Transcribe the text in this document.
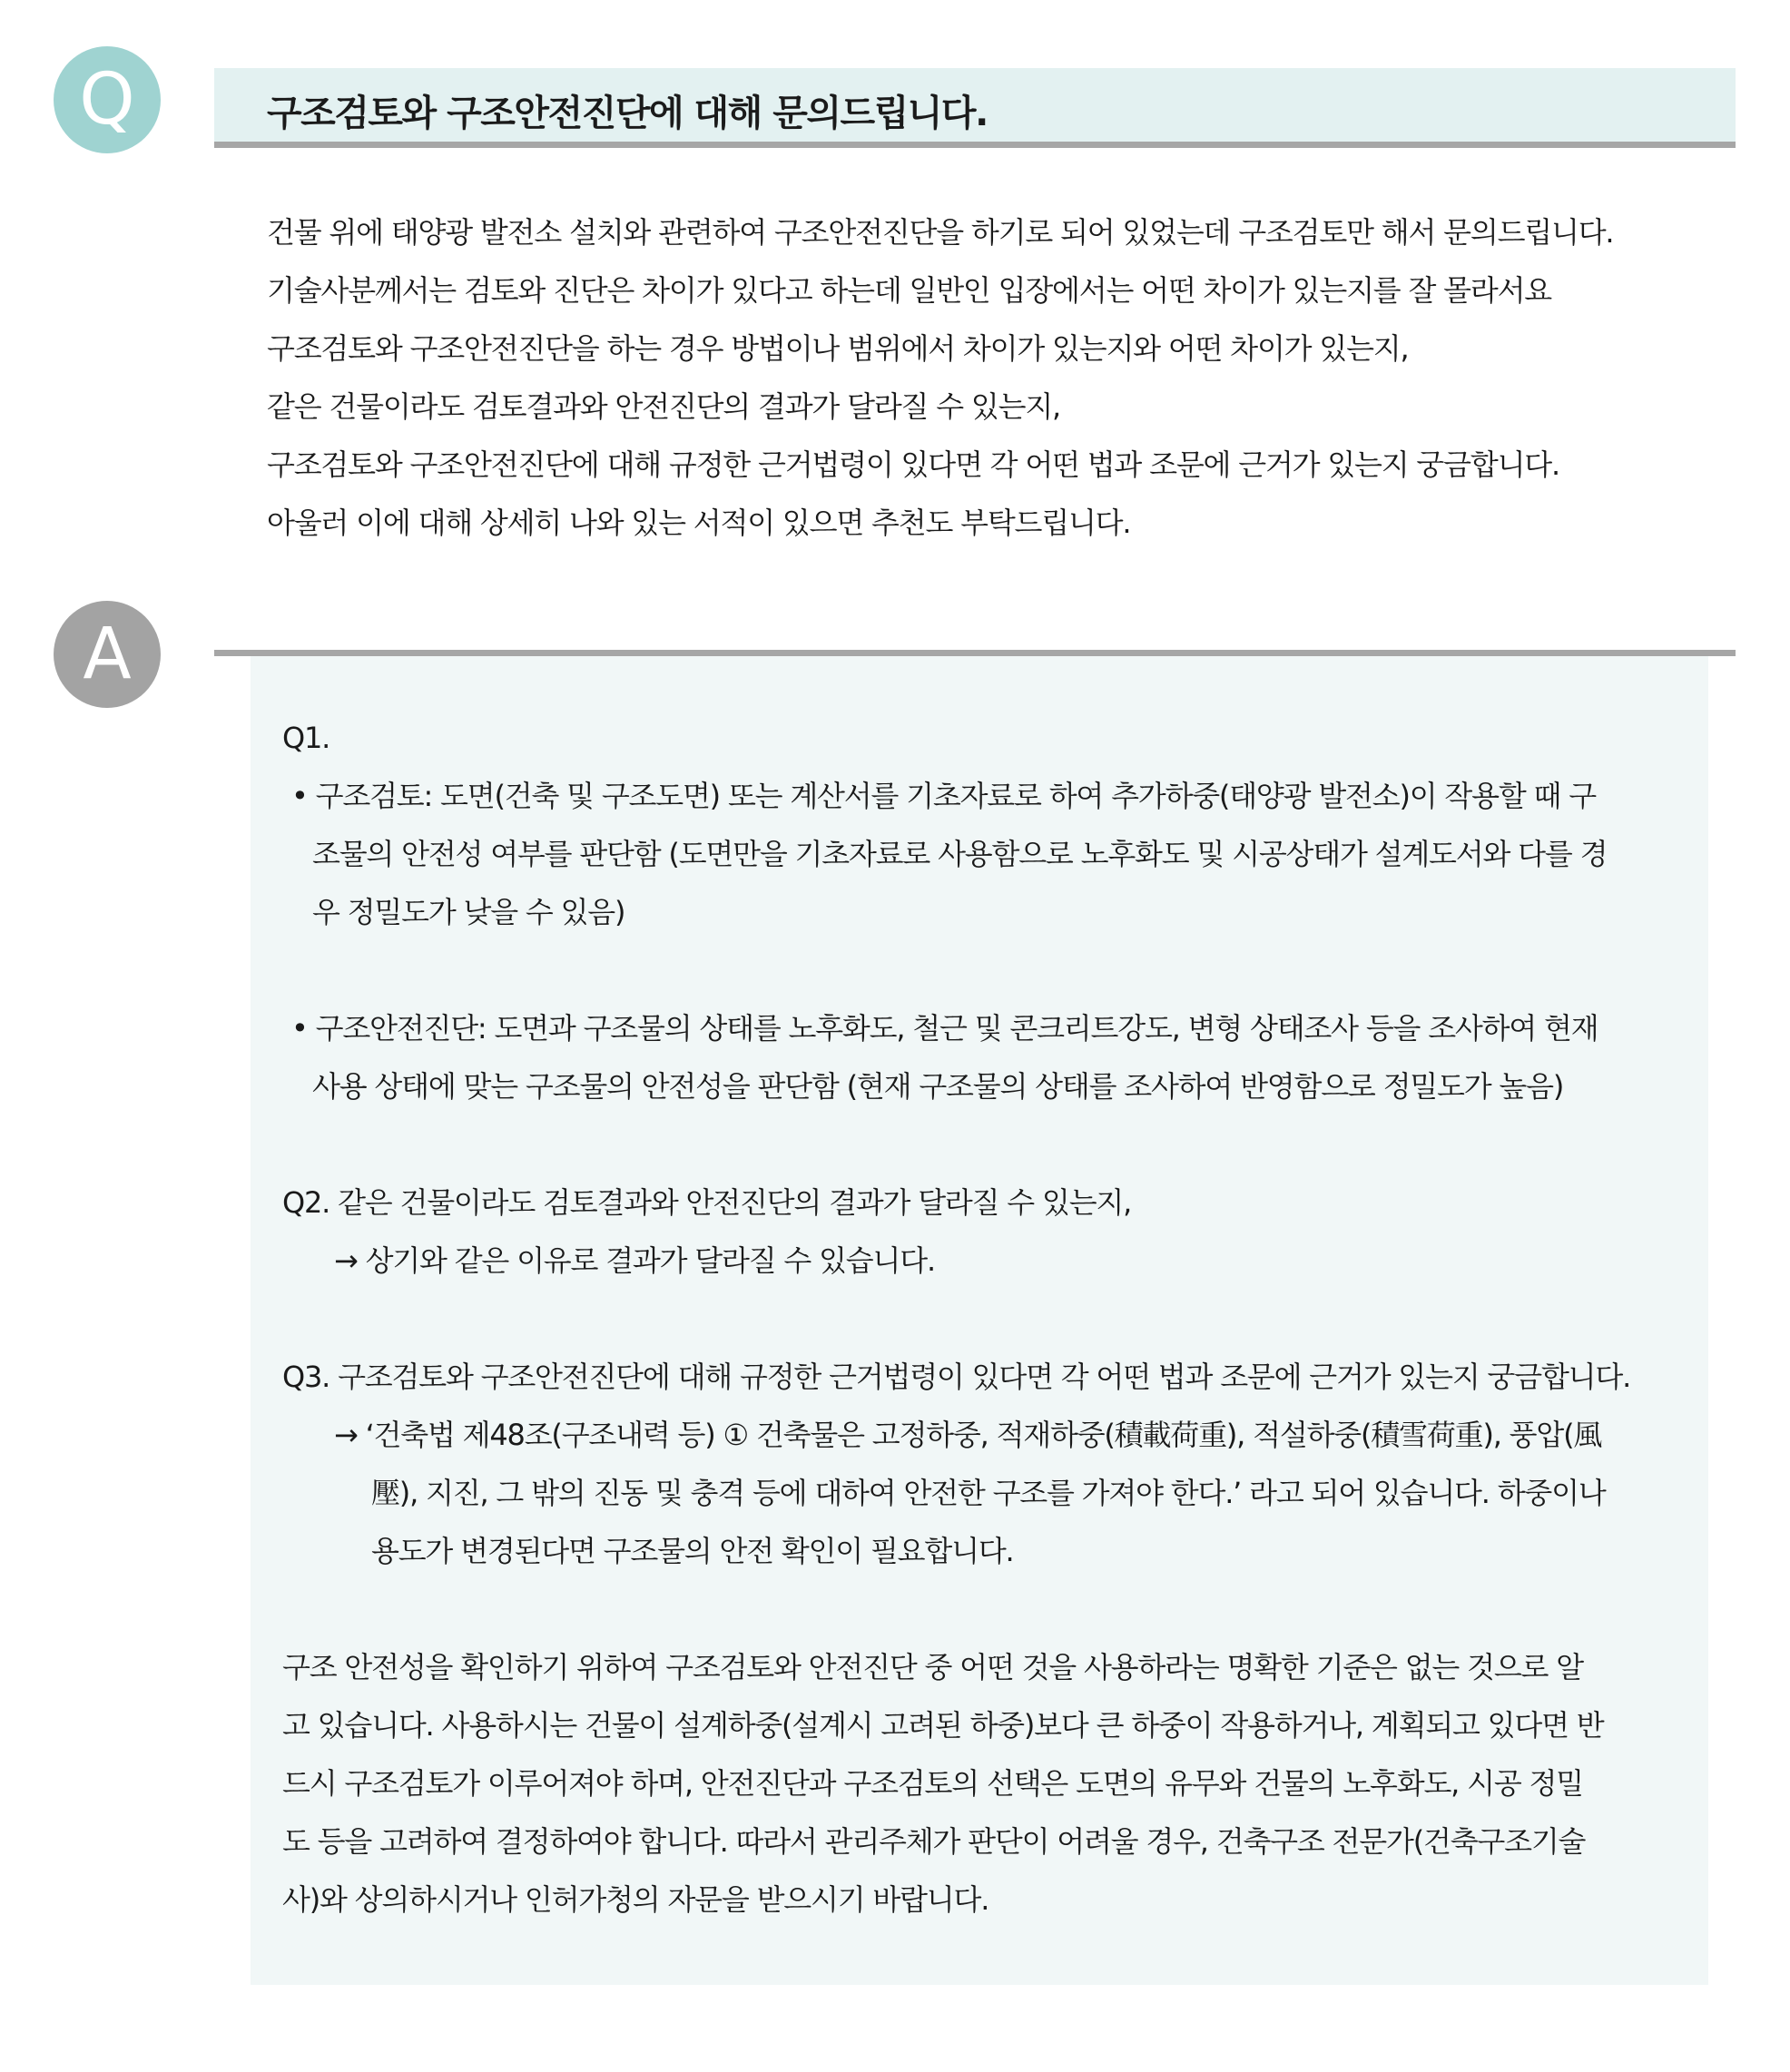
Q	구조검토와 구조안전진단에 대해 문의드립니다.
건물 위에 태양광 발전소 설치와 관련하여 구조안전진단을 하기로 되어 있었는데 구조검토만 해서 문의드립니다.
기술사분께서는 검토와 진단은 차이가 있다고 하는데 일반인 입장에서는 어떤 차이가 있는지를 잘 몰라서요
구조검토와 구조안전진단을 하는 경우 방법이나 범위에서 차이가 있는지와 어떤 차이가 있는지,
같은 건물이라도 검토결과와 안전진단의 결과가 달라질 수 있는지,
구조검토와 구조안전진단에 대해 규정한 근거법령이 있다면 각 어떤 법과 조문에 근거가 있는지 궁금합니다.
아울러 이에 대해 상세히 나와 있는 서적이 있으면 추천도 부탁드립니다.
A
Q1.
• 구조검토: 도면(건축 및 구조도면) 또는 계산서를 기초자료로 하여 추가하중(태양광 발전소)이 작용할 때 구
조물의 안전성 여부를 판단함 (도면만을 기초자료로 사용함으로 노후화도 및 시공상태가 설계도서와 다를 경
우 정밀도가 낮을 수 있음)
• 구조안전진단: 도면과 구조물의 상태를 노후화도, 철근 및 콘크리트강도, 변형 상태조사 등을 조사하여 현재
사용 상태에 맞는 구조물의 안전성을 판단함 (현재 구조물의 상태를 조사하여 반영함으로 정밀도가 높음)
Q2. 같은 건물이라도 검토결과와 안전진단의 결과가 달라질 수 있는지,
→ 상기와 같은 이유로 결과가 달라질 수 있습니다.
Q3. 구조검토와 구조안전진단에 대해 규정한 근거법령이 있다면 각 어떤 법과 조문에 근거가 있는지 궁금합니다.
→ ‘건축법 제48조(구조내력 등) ① 건축물은 고정하중, 적재하중(積載荷重), 적설하중(積雪荷重), 풍압(風
壓), 지진, 그 밖의 진동 및 충격 등에 대하여 안전한 구조를 가져야 한다.’ 라고 되어 있습니다. 하중이나
용도가 변경된다면 구조물의 안전 확인이 필요합니다.
구조 안전성을 확인하기 위하여 구조검토와 안전진단 중 어떤 것을 사용하라는 명확한 기준은 없는 것으로 알
고 있습니다. 사용하시는 건물이 설계하중(설계시 고려된 하중)보다 큰 하중이 작용하거나, 계획되고 있다면 반
드시 구조검토가 이루어져야 하며, 안전진단과 구조검토의 선택은 도면의 유무와 건물의 노후화도, 시공 정밀
도 등을 고려하여 결정하여야 합니다. 따라서 관리주체가 판단이 어려울 경우, 건축구조 전문가(건축구조기술
사)와 상의하시거나 인허가청의 자문을 받으시기 바랍니다.
